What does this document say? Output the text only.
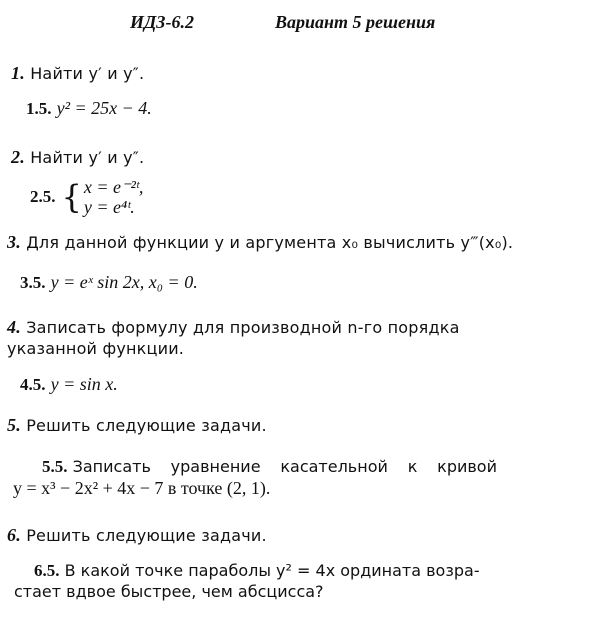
ИДЗ-6.2	Вариант 5 решения
1. Найти y′ и y″.
1.5. y² = 25x − 4.
2. Найти y′ и y″.
2.5. { x = e⁻²ᵗ,
y = e⁴ᵗ.
3. Для данной функции y и аргумента x₀ вычислить y‴(x₀).
3.5. y = eˣ sin 2x, x₀ = 0.
4. Записать формулу для производной n-го порядка
указанной функции.
4.5. y = sin x.
5. Решить следующие задачи.
5.5. Записать уравнение касательной к кривой
y = x³ − 2x² + 4x − 7 в точке (2, 1).
6. Решить следующие задачи.
6.5. В какой точке параболы y² = 4x ордината возра-
стает вдвое быстрее, чем абсцисса?
